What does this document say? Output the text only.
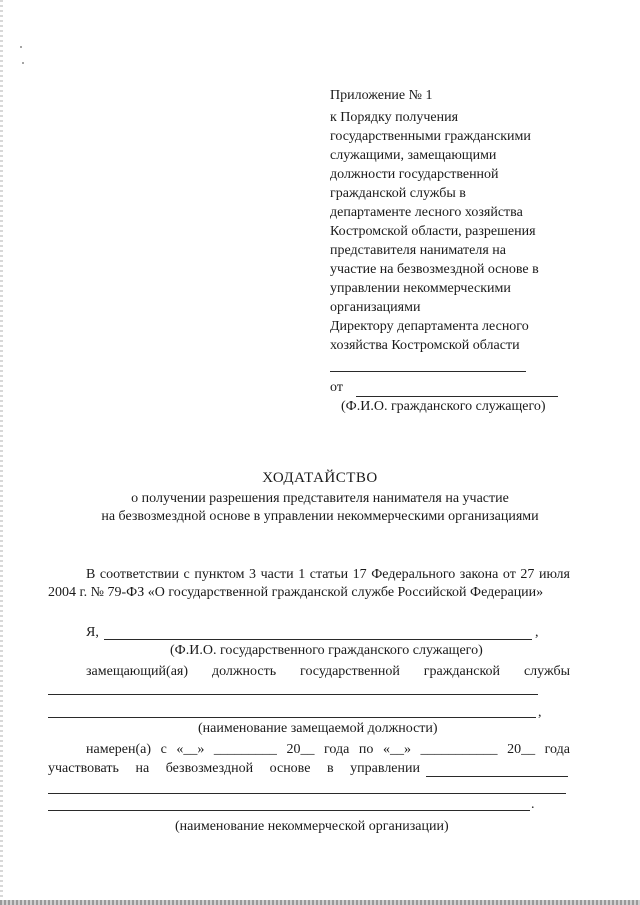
Приложение № 1
к Порядку получения
государственными гражданскими
служащими, замещающими
должности государственной
гражданской службы в
департаменте лесного хозяйства
Костромской области, разрешения
представителя нанимателя на
участие на безвозмездной основе в
управлении некоммерческими
организациями
Директору департамента лесного
хозяйства Костромской области
от
(Ф.И.О. гражданского служащего)
ХОДАТАЙСТВО
о получении разрешения представителя нанимателя на участие
на безвозмездной основе в управлении некоммерческими организациями
В соответствии с пунктом 3 части 1 статьи 17 Федерального закона от 27 июля 2004 г. № 79-ФЗ «О государственной гражданской службе Российской Федерации»
Я,	,
(Ф.И.О. государственного гражданского служащего)
замещающий(ая) должность государственной гражданской службы
,
(наименование замещаемой должности)
намерен(а) с «__» _________ 20__ года по «__» ___________ 20__ года
участвовать на безвозмездной основе в управлении
.
(наименование некоммерческой организации)
